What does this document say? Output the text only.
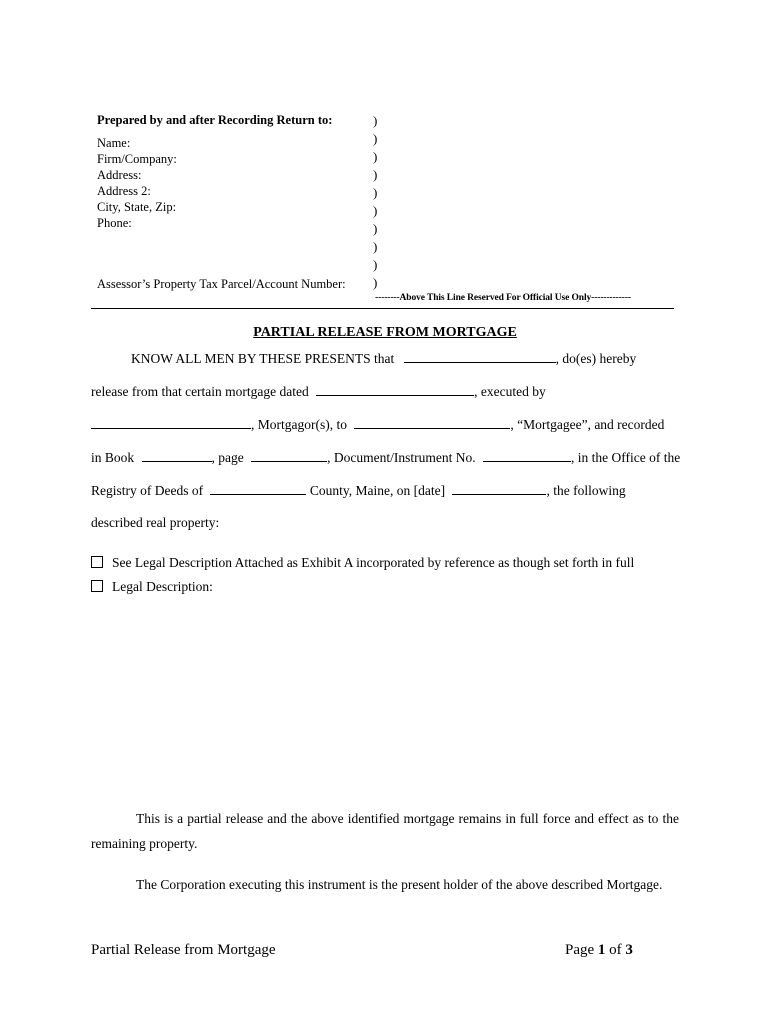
Prepared by and after Recording Return to:
Name:
Firm/Company:
Address:
Address 2:
City, State, Zip:
Phone:
Assessor’s Property Tax Parcel/Account Number:
)
)
)
)
)
)
)
)
)
)
--------Above This Line Reserved For Official Use Only-------------
PARTIAL RELEASE FROM MORTGAGE
KNOW ALL MEN BY THESE PRESENTS that	, do(es) hereby
release from that certain mortgage dated	, executed by
, Mortgagor(s), to	, “Mortgagee”, and recorded
in Book	, page	, Document/Instrument No.	, in the Office of the
Registry of Deeds of	County, Maine, on [date]	, the following
described real property:
See Legal Description Attached as Exhibit A incorporated by reference as though set forth in full
Legal Description:
This is a partial release and the above identified mortgage remains in full force and effect as to the remaining property.
The Corporation executing this instrument is the present holder of the above described Mortgage.
Partial Release from Mortgage	Page 1 of 3
